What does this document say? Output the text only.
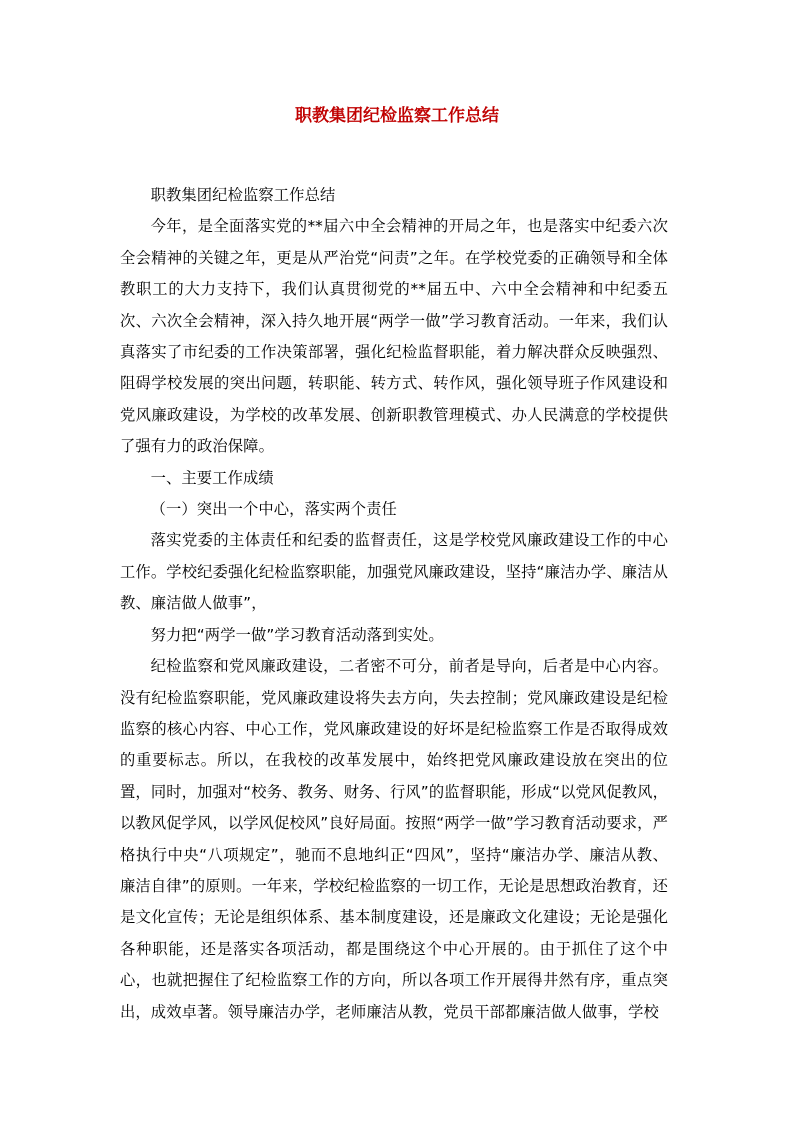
职教集团纪检监察工作总结

职教集团纪检监察工作总结

今年，是全面落实党的**届六中全会精神的开局之年，也是落实中纪委六次全会精神的关键之年，更是从严治党“问责”之年。在学校党委的正确领导和全体教职工的大力支持下，我们认真贯彻党的**届五中、六中全会精神和中纪委五次、六次全会精神，深入持久地开展“两学一做”学习教育活动。一年来，我们认真落实了市纪委的工作决策部署，强化纪检监督职能，着力解决群众反映强烈、阻碍学校发展的突出问题，转职能、转方式、转作风，强化领导班子作风建设和党风廉政建设，为学校的改革发展、创新职教管理模式、办人民满意的学校提供了强有力的政治保障。

一、主要工作成绩

（一）突出一个中心，落实两个责任

落实党委的主体责任和纪委的监督责任，这是学校党风廉政建设工作的中心工作。学校纪委强化纪检监察职能，加强党风廉政建设，坚持“廉洁办学、廉洁从教、廉洁做人做事”，

努力把“两学一做”学习教育活动落到实处。

纪检监察和党风廉政建设，二者密不可分，前者是导向，后者是中心内容。没有纪检监察职能，党风廉政建设将失去方向，失去控制；党风廉政建设是纪检监察的核心内容、中心工作，党风廉政建设的好坏是纪检监察工作是否取得成效的重要标志。所以，在我校的改革发展中，始终把党风廉政建设放在突出的位置，同时，加强对“校务、教务、财务、行风”的监督职能，形成“以党风促教风，以教风促学风，以学风促校风”良好局面。按照“两学一做”学习教育活动要求，严格执行中央“八项规定”，驰而不息地纠正“四风”，坚持“廉洁办学、廉洁从教、廉洁自律”的原则。一年来，学校纪检监察的一切工作，无论是思想政治教育，还是文化宣传；无论是组织体系、基本制度建设，还是廉政文化建设；无论是强化各种职能，还是落实各项活动，都是围绕这个中心开展的。由于抓住了这个中心，也就把握住了纪检监察工作的方向，所以各项工作开展得井然有序，重点突出，成效卓著。领导廉洁办学，老师廉洁从教，党员干部都廉洁做人做事，学校
